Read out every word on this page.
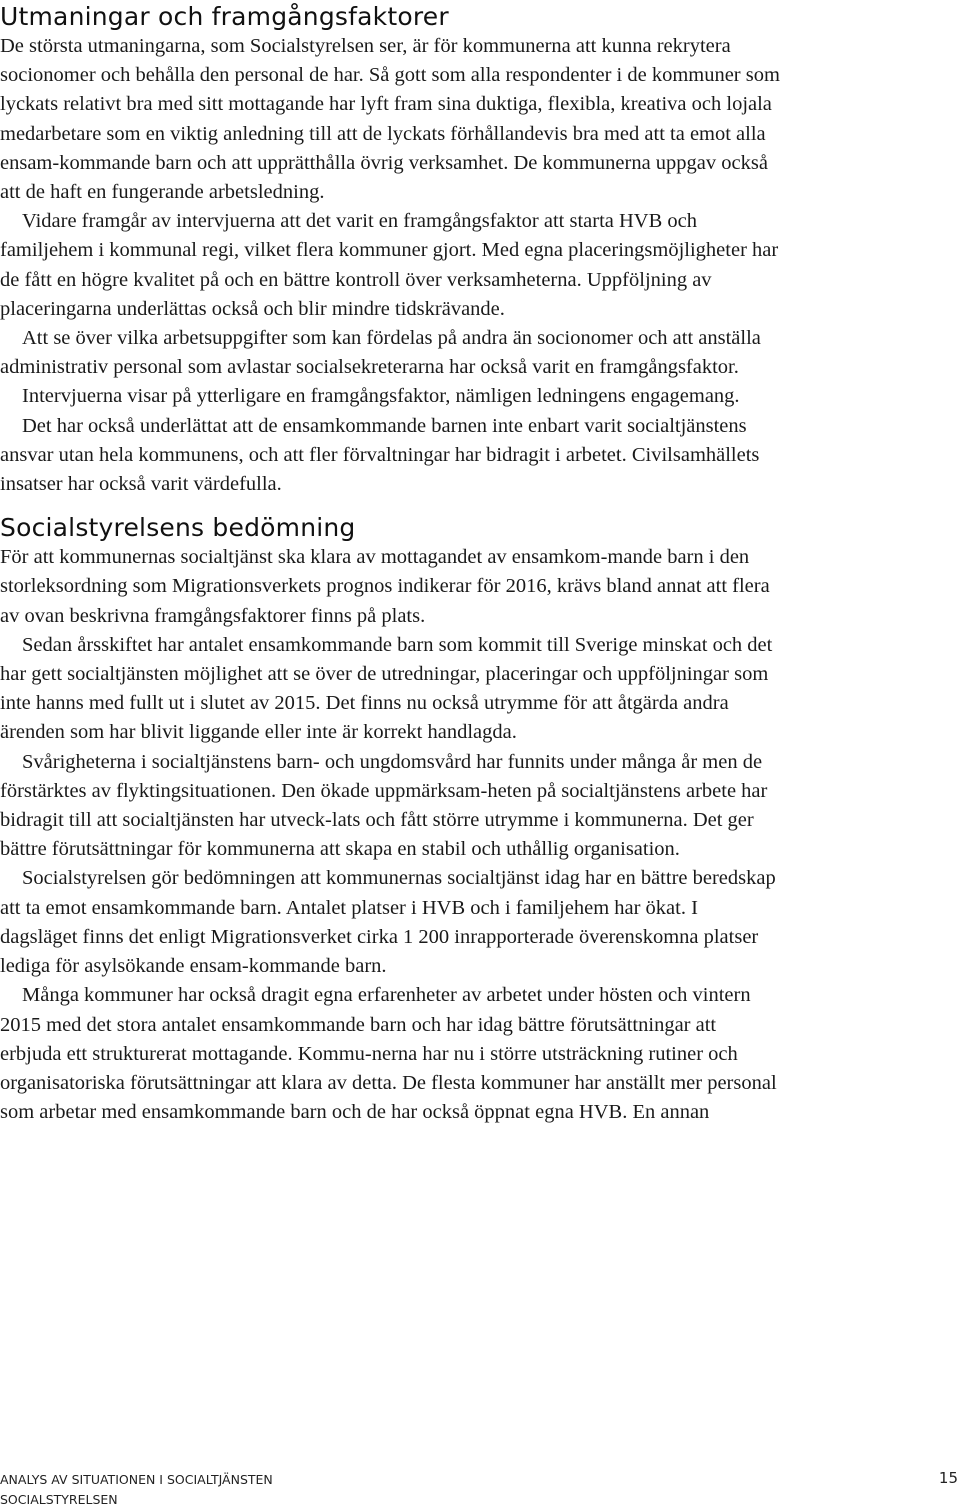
Utmaningar och framgångsfaktorer

De största utmaningarna, som Socialstyrelsen ser, är för kommunerna att kunna rekrytera socionomer och behålla den personal de har. Så gott som alla respondenter i de kommuner som lyckats relativt bra med sitt mottagande har lyft fram sina duktiga, flexibla, kreativa och lojala medarbetare som en viktig anledning till att de lyckats förhållandevis bra med att ta emot alla ensam-kommande barn och att upprätthålla övrig verksamhet. De kommunerna uppgav också att de haft en fungerande arbetsledning.

Vidare framgår av intervjuerna att det varit en framgångsfaktor att starta HVB och familjehem i kommunal regi, vilket flera kommuner gjort. Med egna placeringsmöjligheter har de fått en högre kvalitet på och en bättre kontroll över verksamheterna. Uppföljning av placeringarna underlättas också och blir mindre tidskrävande.

Att se över vilka arbetsuppgifter som kan fördelas på andra än socionomer och att anställa administrativ personal som avlastar socialsekreterarna har också varit en framgångsfaktor.

Intervjuerna visar på ytterligare en framgångsfaktor, nämligen ledningens engagemang.

Det har också underlättat att de ensamkommande barnen inte enbart varit socialtjänstens ansvar utan hela kommunens, och att fler förvaltningar har bidragit i arbetet. Civilsamhällets insatser har också varit värdefulla.

Socialstyrelsens bedömning

För att kommunernas socialtjänst ska klara av mottagandet av ensamkom-mande barn i den storleksordning som Migrationsverkets prognos indikerar för 2016, krävs bland annat att flera av ovan beskrivna framgångsfaktorer finns på plats.

Sedan årsskiftet har antalet ensamkommande barn som kommit till Sverige minskat och det har gett socialtjänsten möjlighet att se över de utredningar, placeringar och uppföljningar som inte hanns med fullt ut i slutet av 2015. Det finns nu också utrymme för att åtgärda andra ärenden som har blivit liggande eller inte är korrekt handlagda.

Svårigheterna i socialtjänstens barn- och ungdomsvård har funnits under många år men de förstärktes av flyktingsituationen. Den ökade uppmärksam-heten på socialtjänstens arbete har bidragit till att socialtjänsten har utveck-lats och fått större utrymme i kommunerna. Det ger bättre förutsättningar för kommunerna att skapa en stabil och uthållig organisation.

Socialstyrelsen gör bedömningen att kommunernas socialtjänst idag har en bättre beredskap att ta emot ensamkommande barn. Antalet platser i HVB och i familjehem har ökat. I dagsläget finns det enligt Migrationsverket cirka 1 200 inrapporterade överenskomna platser lediga för asylsökande ensam-kommande barn.

Många kommuner har också dragit egna erfarenheter av arbetet under hösten och vintern 2015 med det stora antalet ensamkommande barn och har idag bättre förutsättningar att erbjuda ett strukturerat mottagande. Kommu-nerna har nu i större utsträckning rutiner och organisatoriska förutsättningar att klara av detta. De flesta kommuner har anställt mer personal som arbetar med ensamkommande barn och de har också öppnat egna HVB. En annan

ANALYS AV SITUATIONEN I SOCIALTJÄNSTEN
SOCIALSTYRELSEN
15
